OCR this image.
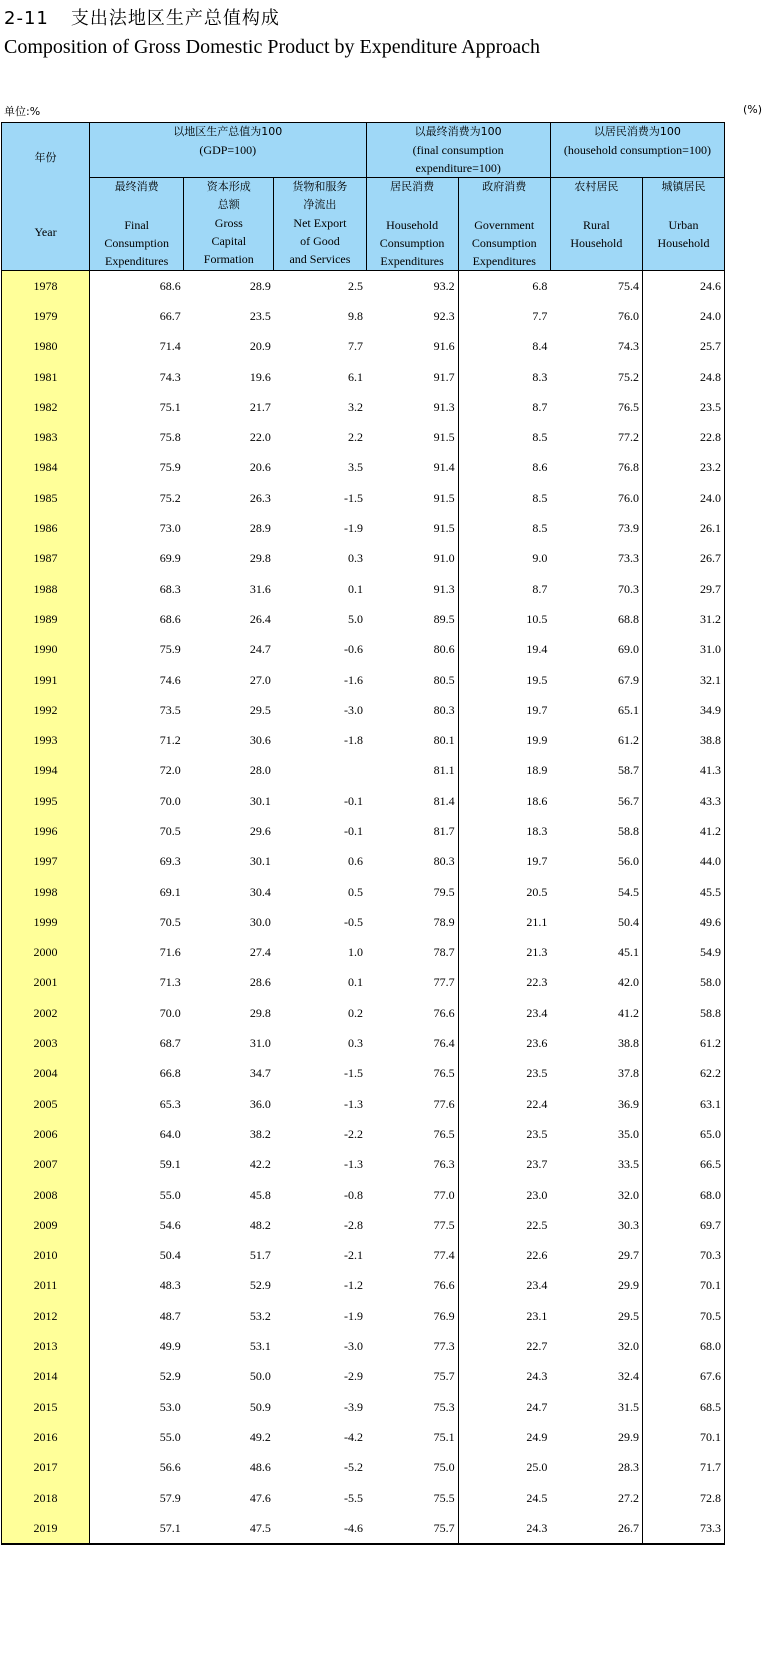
2-11 支出法地区生产总值构成
Composition of Gross Domestic Product by Expenditure Approach
单位:%	(%)
年份
Year	以地区生产总值为100
(GDP=100)			以最终消费为100
(final consumption
expenditure=100)		以居民消费为100
(household consumption=100)	

	最终消费
Final
Consumption
Expenditures	资本形成
总额
Gross
Capital
Formation	货物和服务
净流出
Net Export
of Good
and Services	居民消费
Household
Consumption
Expenditures	政府消费
Government
Consumption
Expenditures	农村居民
Rural
Household	城镇居民
Urban
Household

1978	68.6	28.9	2.5	93.2	6.8	75.4	24.6
1979	66.7	23.5	9.8	92.3	7.7	76.0	24.0
1980	71.4	20.9	7.7	91.6	8.4	74.3	25.7
1981	74.3	19.6	6.1	91.7	8.3	75.2	24.8
1982	75.1	21.7	3.2	91.3	8.7	76.5	23.5
1983	75.8	22.0	2.2	91.5	8.5	77.2	22.8
1984	75.9	20.6	3.5	91.4	8.6	76.8	23.2
1985	75.2	26.3	-1.5	91.5	8.5	76.0	24.0
1986	73.0	28.9	-1.9	91.5	8.5	73.9	26.1
1987	69.9	29.8	0.3	91.0	9.0	73.3	26.7
1988	68.3	31.6	0.1	91.3	8.7	70.3	29.7
1989	68.6	26.4	5.0	89.5	10.5	68.8	31.2
1990	75.9	24.7	-0.6	80.6	19.4	69.0	31.0
1991	74.6	27.0	-1.6	80.5	19.5	67.9	32.1
1992	73.5	29.5	-3.0	80.3	19.7	65.1	34.9
1993	71.2	30.6	-1.8	80.1	19.9	61.2	38.8
1994	72.0	28.0		81.1	18.9	58.7	41.3
1995	70.0	30.1	-0.1	81.4	18.6	56.7	43.3
1996	70.5	29.6	-0.1	81.7	18.3	58.8	41.2
1997	69.3	30.1	0.6	80.3	19.7	56.0	44.0
1998	69.1	30.4	0.5	79.5	20.5	54.5	45.5
1999	70.5	30.0	-0.5	78.9	21.1	50.4	49.6
2000	71.6	27.4	1.0	78.7	21.3	45.1	54.9
2001	71.3	28.6	0.1	77.7	22.3	42.0	58.0
2002	70.0	29.8	0.2	76.6	23.4	41.2	58.8
2003	68.7	31.0	0.3	76.4	23.6	38.8	61.2
2004	66.8	34.7	-1.5	76.5	23.5	37.8	62.2
2005	65.3	36.0	-1.3	77.6	22.4	36.9	63.1
2006	64.0	38.2	-2.2	76.5	23.5	35.0	65.0
2007	59.1	42.2	-1.3	76.3	23.7	33.5	66.5
2008	55.0	45.8	-0.8	77.0	23.0	32.0	68.0
2009	54.6	48.2	-2.8	77.5	22.5	30.3	69.7
2010	50.4	51.7	-2.1	77.4	22.6	29.7	70.3
2011	48.3	52.9	-1.2	76.6	23.4	29.9	70.1
2012	48.7	53.2	-1.9	76.9	23.1	29.5	70.5
2013	49.9	53.1	-3.0	77.3	22.7	32.0	68.0
2014	52.9	50.0	-2.9	75.7	24.3	32.4	67.6
2015	53.0	50.9	-3.9	75.3	24.7	31.5	68.5
2016	55.0	49.2	-4.2	75.1	24.9	29.9	70.1
2017	56.6	48.6	-5.2	75.0	25.0	28.3	71.7
2018	57.9	47.6	-5.5	75.5	24.5	27.2	72.8
2019	57.1	47.5	-4.6	75.7	24.3	26.7	73.3
